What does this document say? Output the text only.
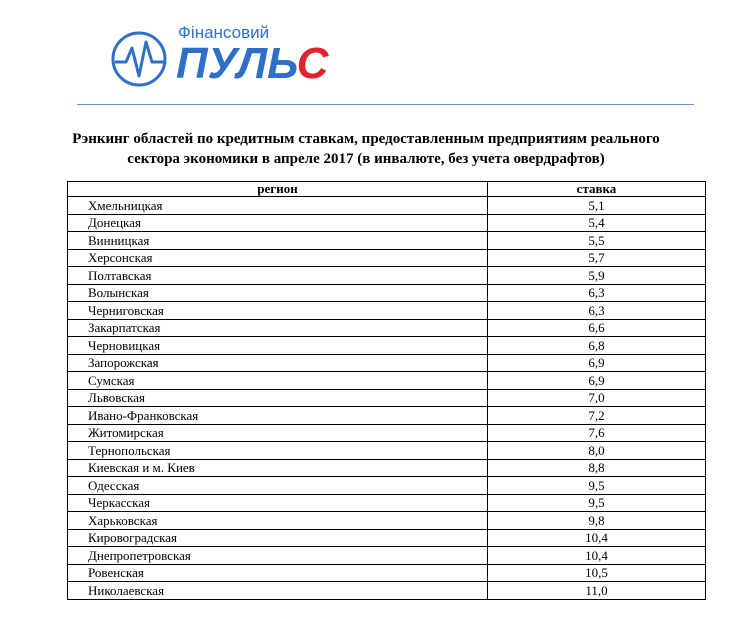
Фінансовий
ПУЛЬС
Рэнкинг областей по кредитным ставкам, предоставленным предприятиям реального
сектора экономики в апреле 2017 (в инвалюте, без учета овердрафтов)
регион	ставка
Хмельницкая	5,1
Донецкая	5,4
Винницкая	5,5
Херсонская	5,7
Полтавская	5,9
Волынская	6,3
Черниговская	6,3
Закарпатская	6,6
Черновицкая	6,8
Запорожская	6,9
Сумская	6,9
Львовская	7,0
Ивано-Франковская	7,2
Житомирская	7,6
Тернопольская	8,0
Киевская и м. Киев	8,8
Одесская	9,5
Черкасская	9,5
Харьковская	9,8
Кировоградская	10,4
Днепропетровская	10,4
Ровенская	10,5
Николаевская	11,0
